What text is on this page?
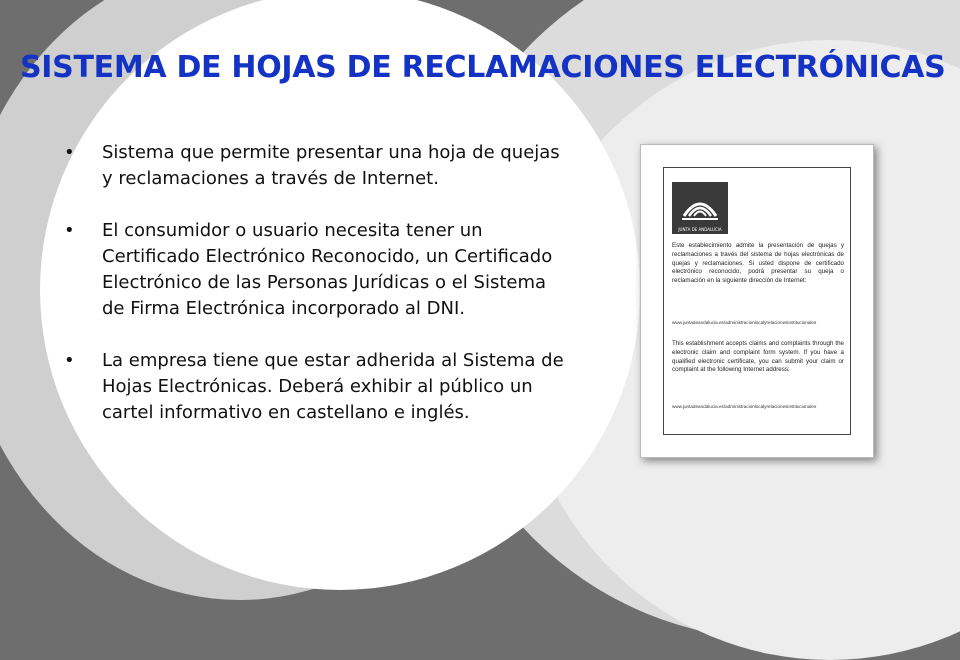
SISTEMA DE HOJAS DE RECLAMACIONES ELECTRÓNICAS
• Sistema que permite presentar una hoja de quejas y reclamaciones a través de Internet.
• El consumidor o usuario necesita tener un Certificado Electrónico Reconocido, un Certificado Electrónico de las Personas Jurídicas o el Sistema de Firma Electrónica incorporado al DNI.
• La empresa tiene que estar adherida al Sistema de Hojas Electrónicas. Deberá exhibir al público un cartel informativo en castellano e inglés.
JUNTA DE ANDALUCIA
Este establecimiento admite la presentación de quejas y reclamaciones a través del sistema de hojas electrónicas de quejas y reclamaciones. Si usted dispone de certificado electrónico reconocido, podrá presentar su queja o reclamación en la siguiente dirección de Internet:
www.juntadeandalucia.es/administracionlocalyrelacionesinstitucionales
This establishment accepts claims and complaints through the electronic claim and complaint form system. If you have a qualified electronic certificate, you can submit your claim or complaint at the following Internet address:
www.juntadeandalucia.es/administracionlocalyrelacionesinstitucionales
